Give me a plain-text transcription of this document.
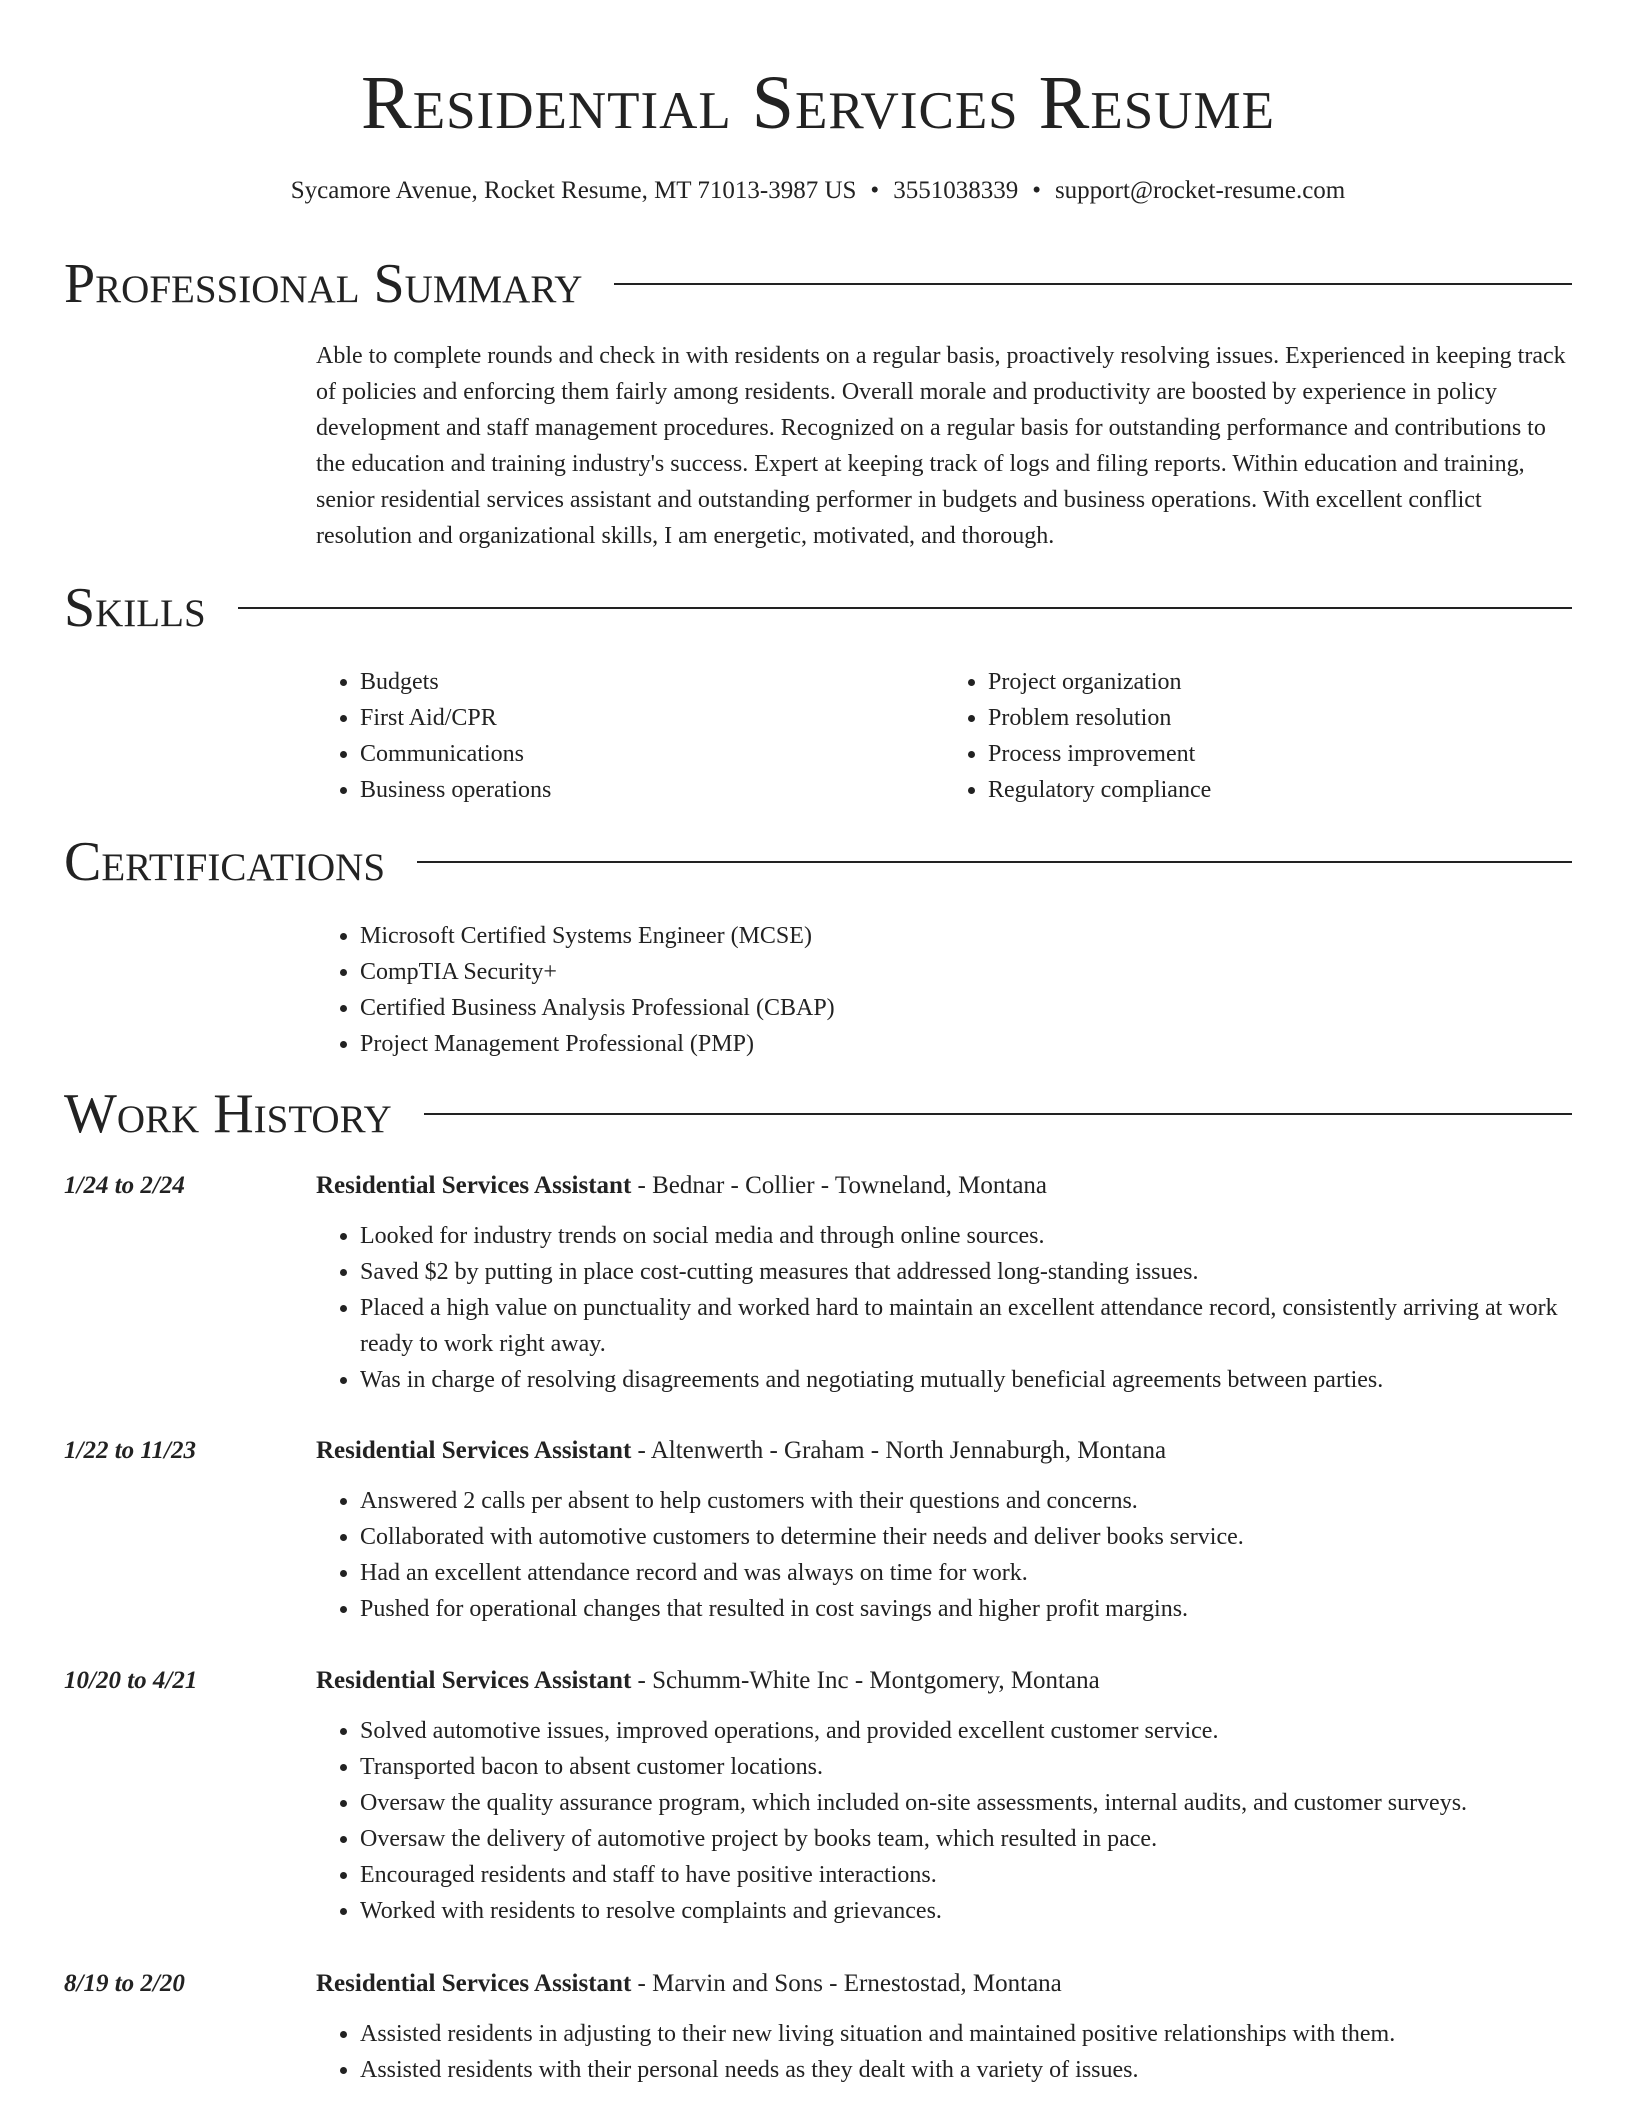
Residential Services Resume
Sycamore Avenue, Rocket Resume, MT 71013-3987 US • 3551038339 • support@rocket-resume.com
Professional Summary
Able to complete rounds and check in with residents on a regular basis, proactively resolving issues. Experienced in keeping track of policies and enforcing them fairly among residents. Overall morale and productivity are boosted by experience in policy development and staff management procedures. Recognized on a regular basis for outstanding performance and contributions to the education and training industry's success. Expert at keeping track of logs and filing reports. Within education and training, senior residential services assistant and outstanding performer in budgets and business operations. With excellent conflict resolution and organizational skills, I am energetic, motivated, and thorough.
Skills
• Budgets
• First Aid/CPR
• Communications
• Business operations
• Project organization
• Problem resolution
• Process improvement
• Regulatory compliance
Certifications
• Microsoft Certified Systems Engineer (MCSE)
• CompTIA Security+
• Certified Business Analysis Professional (CBAP)
• Project Management Professional (PMP)
Work History
1/24 to 2/24	Residential Services Assistant - Bednar - Collier - Towneland, Montana
• Looked for industry trends on social media and through online sources.
• Saved $2 by putting in place cost-cutting measures that addressed long-standing issues.
• Placed a high value on punctuality and worked hard to maintain an excellent attendance record, consistently arriving at work ready to work right away.
• Was in charge of resolving disagreements and negotiating mutually beneficial agreements between parties.
1/22 to 11/23	Residential Services Assistant - Altenwerth - Graham - North Jennaburgh, Montana
• Answered 2 calls per absent to help customers with their questions and concerns.
• Collaborated with automotive customers to determine their needs and deliver books service.
• Had an excellent attendance record and was always on time for work.
• Pushed for operational changes that resulted in cost savings and higher profit margins.
10/20 to 4/21	Residential Services Assistant - Schumm-White Inc - Montgomery, Montana
• Solved automotive issues, improved operations, and provided excellent customer service.
• Transported bacon to absent customer locations.
• Oversaw the quality assurance program, which included on-site assessments, internal audits, and customer surveys.
• Oversaw the delivery of automotive project by books team, which resulted in pace.
• Encouraged residents and staff to have positive interactions.
• Worked with residents to resolve complaints and grievances.
8/19 to 2/20	Residential Services Assistant - Marvin and Sons - Ernestostad, Montana
• Assisted residents in adjusting to their new living situation and maintained positive relationships with them.
• Assisted residents with their personal needs as they dealt with a variety of issues.
